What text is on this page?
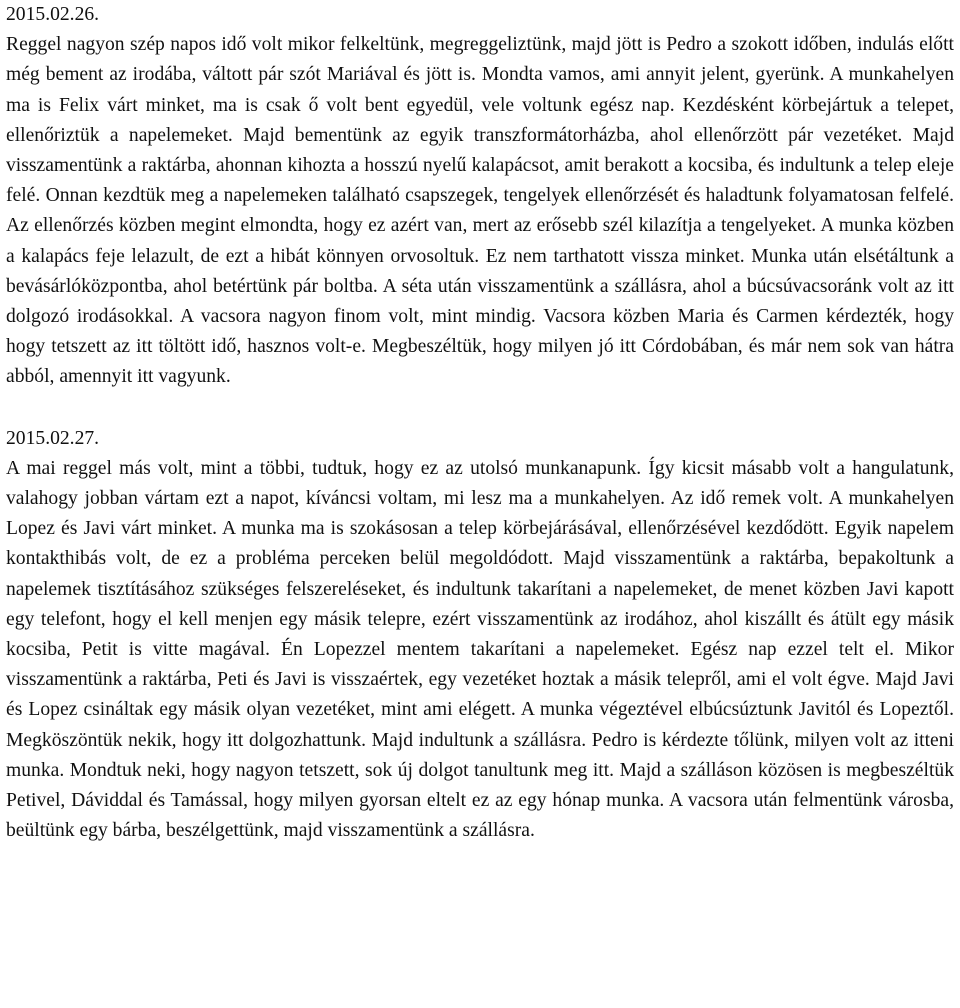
2015.02.26.

Reggel nagyon szép napos idő volt mikor felkeltünk, megreggeliztünk, majd jött is Pedro a szokott időben, indulás előtt még bement az irodába, váltott pár szót Mariával és jött is. Mondta vamos, ami annyit jelent, gyerünk. A munkahelyen ma is Felix várt minket, ma is csak ő volt bent egyedül, vele voltunk egész nap. Kezdésként körbejártuk a telepet, ellenőriztük a napelemeket. Majd bementünk az egyik transzformátorházba, ahol ellenőrzött pár vezetéket. Majd visszamentünk a raktárba, ahonnan kihozta a hosszú nyelű kalapácsot, amit berakott a kocsiba, és indultunk a telep eleje felé. Onnan kezdtük meg a napelemeken található csapszegek, tengelyek ellenőrzését és haladtunk folyamatosan felfelé. Az ellenőrzés közben megint elmondta, hogy ez azért van, mert az erősebb szél kilazítja a tengelyeket. A munka közben a kalapács feje lelazult, de ezt a hibát könnyen orvosoltuk. Ez nem tarthatott vissza minket. Munka után elsétáltunk a bevásárlóközpontba, ahol betértünk pár boltba. A séta után visszamentünk a szállásra, ahol a búcsúvacsoránk volt az itt dolgozó irodásokkal. A vacsora nagyon finom volt, mint mindig. Vacsora közben Maria és Carmen kérdezték, hogy hogy tetszett az itt töltött idő, hasznos volt-e. Megbeszéltük, hogy milyen jó itt Córdobában, és már nem sok van hátra abból, amennyit itt vagyunk.

2015.02.27.

A mai reggel más volt, mint a többi, tudtuk, hogy ez az utolsó munkanapunk. Így kicsit másabb volt a hangulatunk, valahogy jobban vártam ezt a napot, kíváncsi voltam, mi lesz ma a munkahelyen. Az idő remek volt. A munkahelyen Lopez és Javi várt minket. A munka ma is szokásosan a telep körbejárásával, ellenőrzésével kezdődött. Egyik napelem kontakthibás volt, de ez a probléma perceken belül megoldódott. Majd visszamentünk a raktárba, bepakoltunk a napelemek tisztításához szükséges felszereléseket, és indultunk takarítani a napelemeket, de menet közben Javi kapott egy telefont, hogy el kell menjen egy másik telepre, ezért visszamentünk az irodához, ahol kiszállt és átült egy másik kocsiba, Petit is vitte magával. Én Lopezzel mentem takarítani a napelemeket. Egész nap ezzel telt el. Mikor visszamentünk a raktárba, Peti és Javi is visszaértek, egy vezetéket hoztak a másik telepről, ami el volt égve. Majd Javi és Lopez csináltak egy másik olyan vezetéket, mint ami elégett. A munka végeztével elbúcsúztunk Javitól és Lopeztől. Megköszöntük nekik, hogy itt dolgozhattunk. Majd indultunk a szállásra. Pedro is kérdezte tőlünk, milyen volt az itteni munka. Mondtuk neki, hogy nagyon tetszett, sok új dolgot tanultunk meg itt. Majd a szálláson közösen is megbeszéltük Petivel, Dáviddal és Tamással, hogy milyen gyorsan eltelt ez az egy hónap munka. A vacsora után felmentünk városba, beültünk egy bárba, beszélgettünk, majd visszamentünk a szállásra.
